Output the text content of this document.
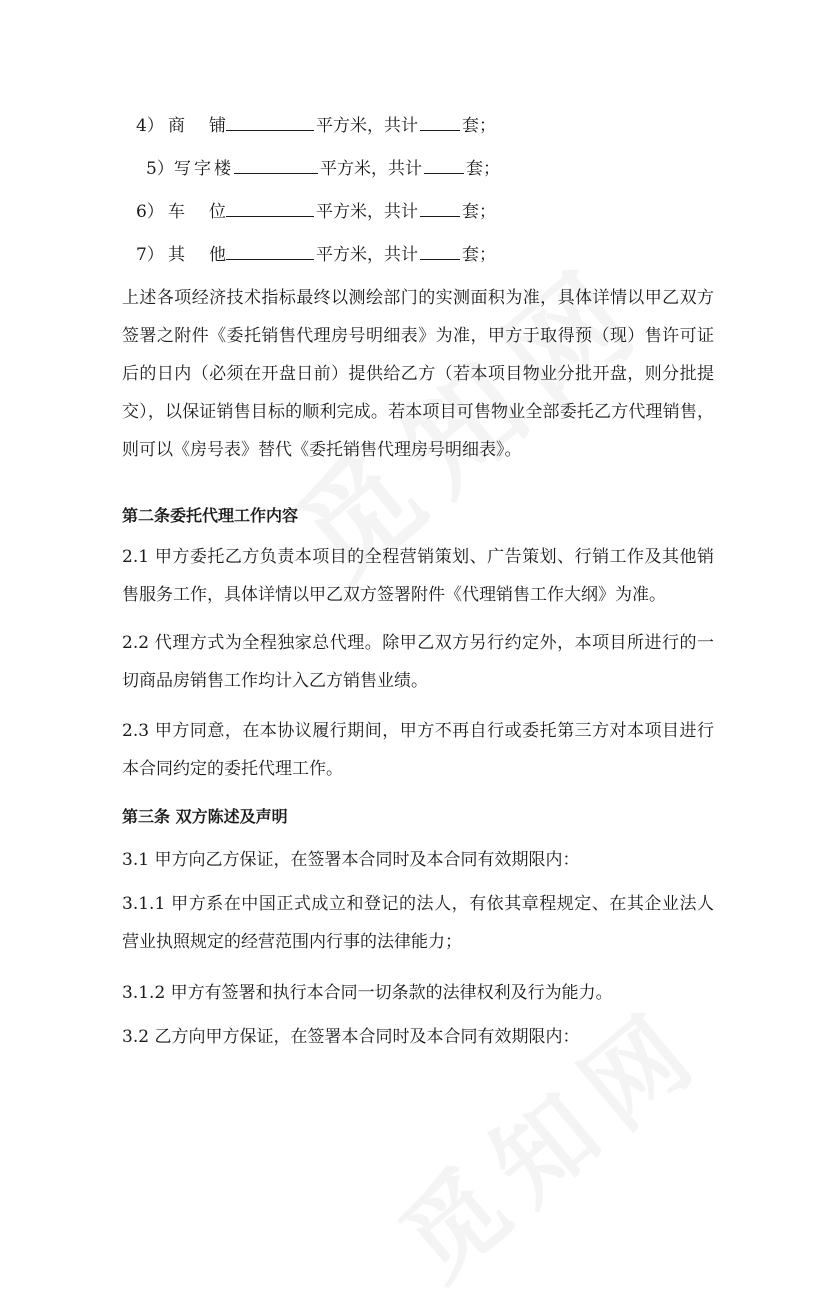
4） 商 铺	平方米，共计	套；
5） 写字楼	平方米，共计	套；
6） 车 位	平方米，共计	套；
7） 其 他	平方米，共计	套；

上述各项经济技术指标最终以测绘部门的实测面积为准，具体详情以甲乙双方签署之附件《委托销售代理房号明细表》为准，甲方于取得预（现）售许可证后的日内（必须在开盘日前）提供给乙方（若本项目物业分批开盘，则分批提交），以保证销售目标的顺利完成。若本项目可售物业全部委托乙方代理销售，则可以《房号表》替代《委托销售代理房号明细表》。

第二条委托代理工作内容

2.1 甲方委托乙方负责本项目的全程营销策划、广告策划、行销工作及其他销售服务工作，具体详情以甲乙双方签署附件《代理销售工作大纲》为准。

2.2 代理方式为全程独家总代理。除甲乙双方另行约定外，本项目所进行的一切商品房销售工作均计入乙方销售业绩。

2.3 甲方同意，在本协议履行期间，甲方不再自行或委托第三方对本项目进行本合同约定的委托代理工作。

第三条 双方陈述及声明

3.1 甲方向乙方保证，在签署本合同时及本合同有效期限内：

3.1.1 甲方系在中国正式成立和登记的法人，有依其章程规定、在其企业法人营业执照规定的经营范围内行事的法律能力；

3.1.2 甲方有签署和执行本合同一切条款的法律权利及行为能力。

3.2 乙方向甲方保证，在签署本合同时及本合同有效期限内：
